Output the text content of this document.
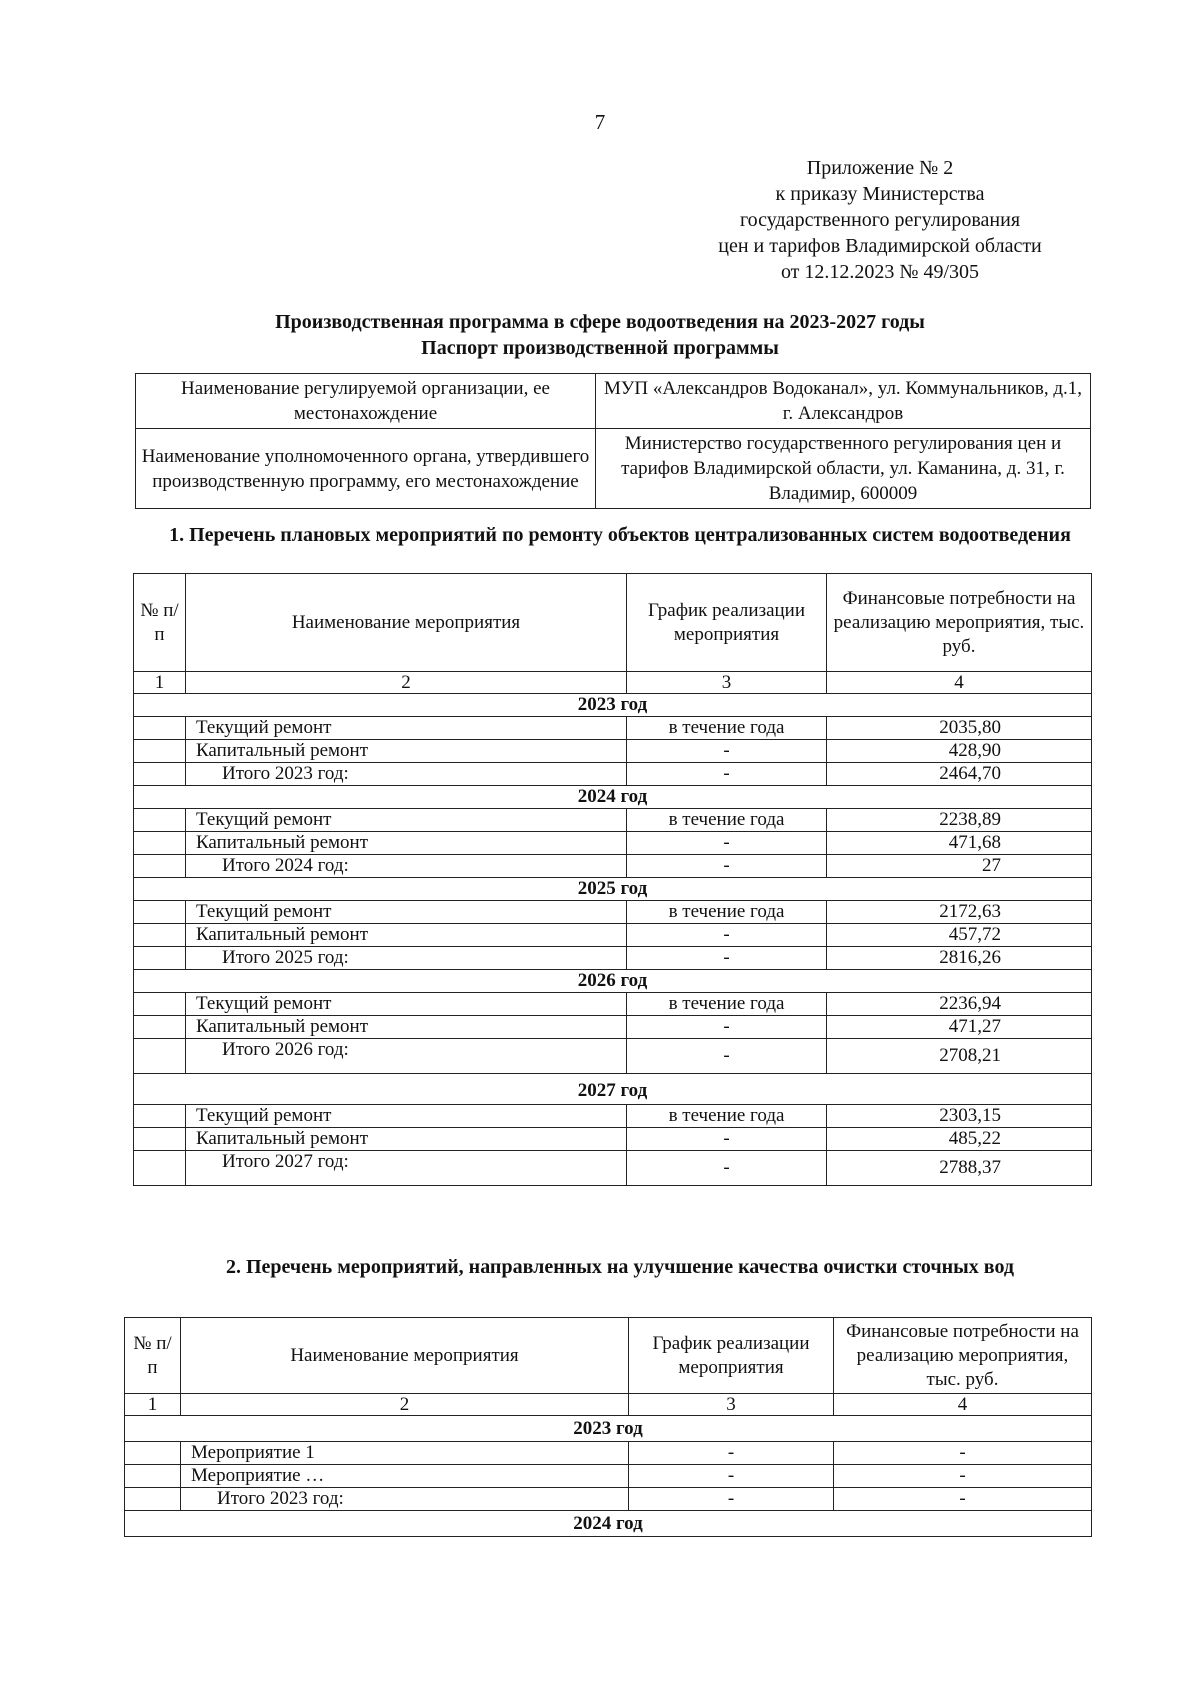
7
Приложение № 2
к приказу Министерства
государственного регулирования
цен и тарифов Владимирской области
от 12.12.2023 № 49/305
Производственная программа в сфере водоотведения на 2023-2027 годы
Паспорт производственной программы
Наименование регулируемой организации, ее местонахождение	МУП «Александров Водоканал», ул. Коммунальников, д.1, г. Александров
Наименование уполномоченного органа, утвердившего производственную программу, его местонахождение	Министерство государственного регулирования цен и тарифов Владимирской области, ул. Каманина, д. 31, г. Владимир, 600009
1. Перечень плановых мероприятий по ремонту объектов централизованных систем водоотведения
№ п/п	Наименование мероприятия	График реализации мероприятия	Финансовые потребности на реализацию мероприятия, тыс. руб.
1	2	3	4
2023 год			
	Текущий ремонт	в течение года	2035,80
	Капитальный ремонт	-	428,90
	Итого 2023 год:	-	2464,70
2024 год			
	Текущий ремонт	в течение года	2238,89
	Капитальный ремонт	-	471,68
	Итого 2024 год:	-	27
2025 год			
	Текущий ремонт	в течение года	2172,63
	Капитальный ремонт	-	457,72
	Итого 2025 год:	-	2816,26
2026 год			
	Текущий ремонт	в течение года	2236,94
	Капитальный ремонт	-	471,27
	Итого 2026 год:	-	2708,21
2027 год			
	Текущий ремонт	в течение года	2303,15
	Капитальный ремонт	-	485,22
	Итого 2027 год:	-	2788,37
2. Перечень мероприятий, направленных на улучшение качества очистки сточных вод
№ п/п	Наименование мероприятия	График реализации мероприятия	Финансовые потребности на реализацию мероприятия, тыс. руб.
1	2	3	4
2023 год			
	Мероприятие 1	-	-
	Мероприятие …	-	-
	Итого 2023 год:	-	-
2024 год			
